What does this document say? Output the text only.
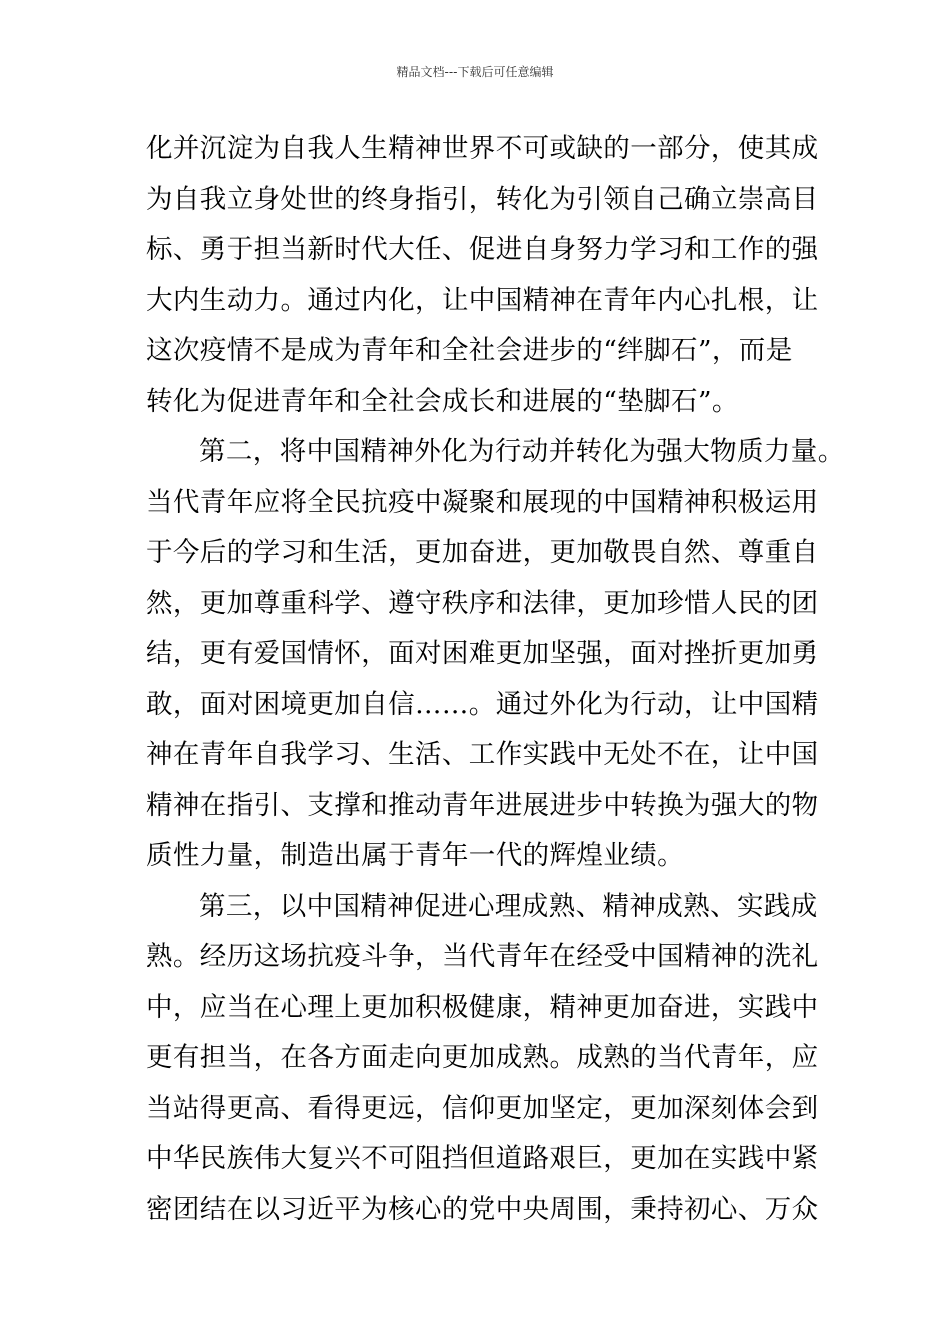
精品文档---下载后可任意编辑
化并沉淀为自我人生精神世界不可或缺的一部分，使其成
为自我立身处世的终身指引，转化为引领自己确立崇高目
标、勇于担当新时代大任、促进自身努力学习和工作的强
大内生动力。通过内化，让中国精神在青年内心扎根，让
这次疫情不是成为青年和全社会进步的“绊脚石”，而是
转化为促进青年和全社会成长和进展的“垫脚石”。
第二，将中国精神外化为行动并转化为强大物质力量。
当代青年应将全民抗疫中凝聚和展现的中国精神积极运用
于今后的学习和生活，更加奋进，更加敬畏自然、尊重自
然，更加尊重科学、遵守秩序和法律，更加珍惜人民的团
结，更有爱国情怀，面对困难更加坚强，面对挫折更加勇
敢，面对困境更加自信……。通过外化为行动，让中国精
神在青年自我学习、生活、工作实践中无处不在，让中国
精神在指引、支撑和推动青年进展进步中转换为强大的物
质性力量，制造出属于青年一代的辉煌业绩。
第三，以中国精神促进心理成熟、精神成熟、实践成
熟。经历这场抗疫斗争，当代青年在经受中国精神的洗礼
中，应当在心理上更加积极健康，精神更加奋进，实践中
更有担当，在各方面走向更加成熟。成熟的当代青年，应
当站得更高、看得更远，信仰更加坚定，更加深刻体会到
中华民族伟大复兴不可阻挡但道路艰巨，更加在实践中紧
密团结在以习近平为核心的党中央周围，秉持初心、万众
